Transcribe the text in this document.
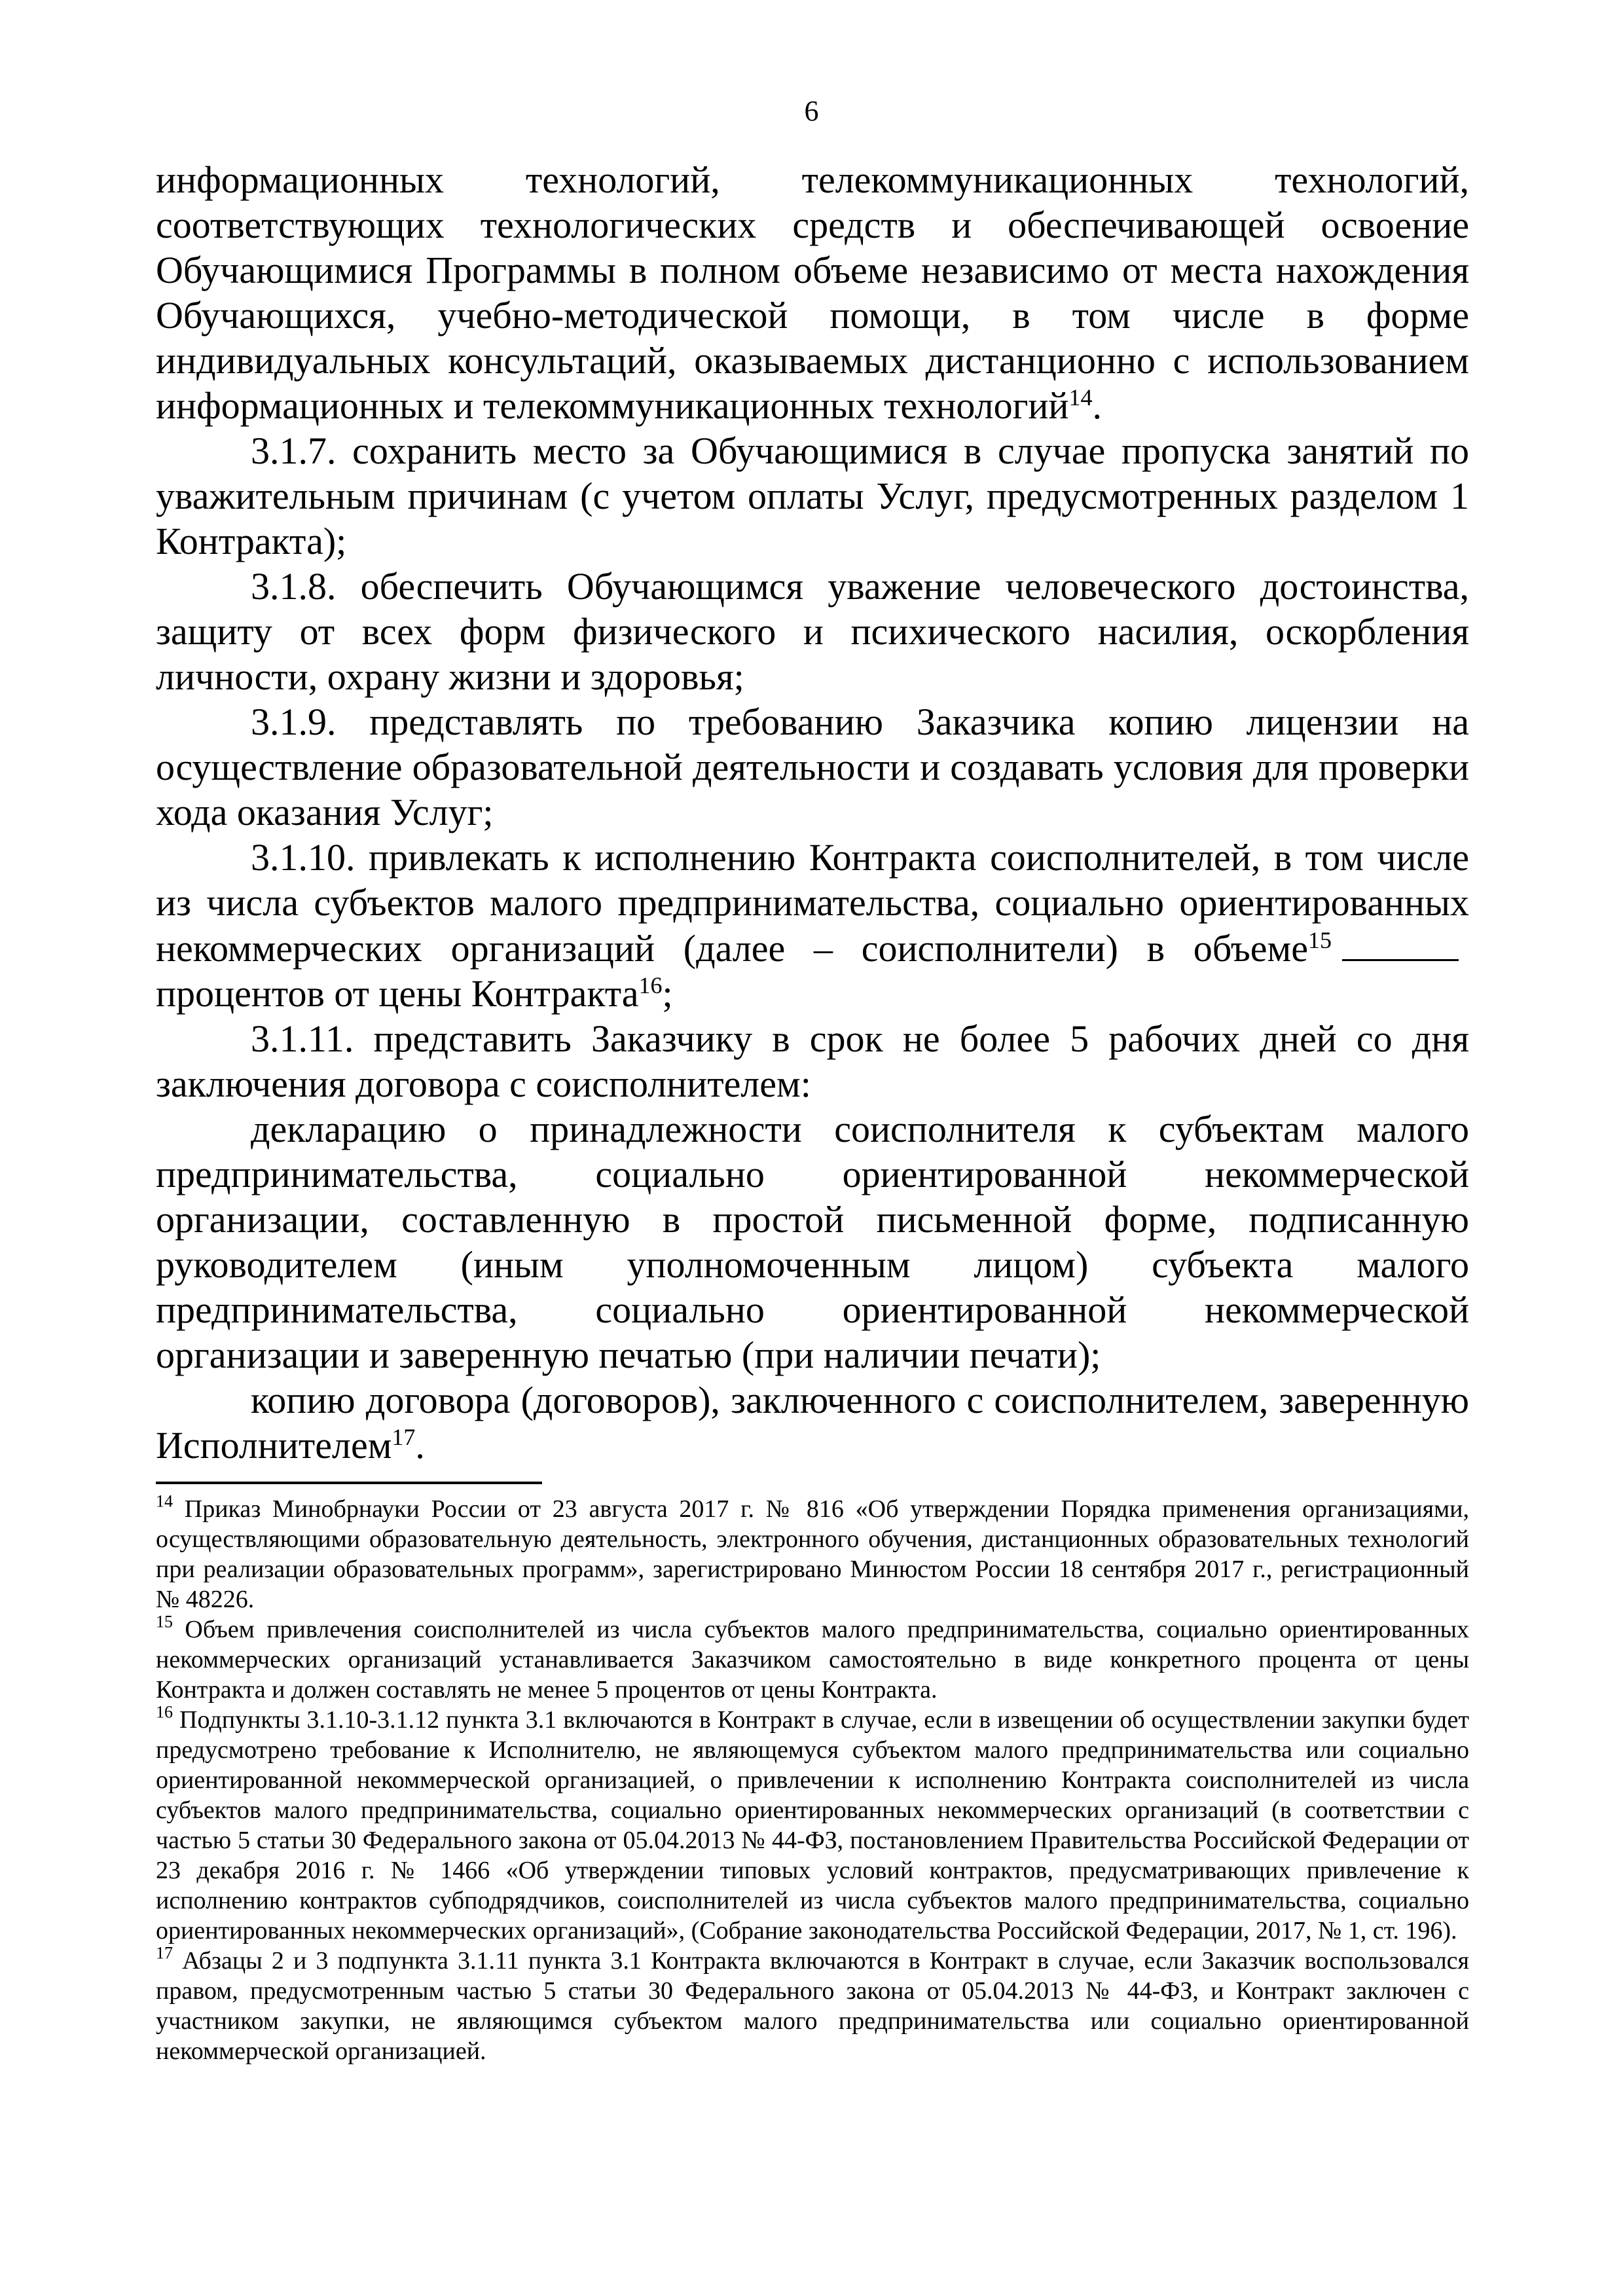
6

информационных технологий, телекоммуникационных технологий, соответствующих технологических средств и обеспечивающей освоение Обучающимися Программы в полном объеме независимо от места нахождения Обучающихся, учебно-методической помощи, в том числе в форме индивидуальных консультаций, оказываемых дистанционно с использованием информационных и телекоммуникационных технологий$^{14}$.

3.1.7. сохранить место за Обучающимися в случае пропуска занятий по уважительным причинам (с учетом оплаты Услуг, предусмотренных разделом 1 Контракта);

3.1.8. обеспечить Обучающимся уважение человеческого достоинства, защиту от всех форм физического и психического насилия, оскорбления личности, охрану жизни и здоровья;

3.1.9. представлять по требованию Заказчика копию лицензии на осуществление образовательной деятельности и создавать условия для проверки хода оказания Услуг;

3.1.10. привлекать к исполнению Контракта соисполнителей, в том числе из числа субъектов малого предпринимательства, социально ориентированных некоммерческих организаций (далее – соисполнители) в объеме$^{15}$процентов от цены Контракта$^{16}$;

3.1.11. представить Заказчику в срок не более 5 рабочих дней со дня заключения договора с соисполнителем:

декларацию о принадлежности соисполнителя к субъектам малого предпринимательства, социально ориентированной некоммерческой организации, составленную в простой письменной форме, подписанную руководителем (иным уполномоченным лицом) субъекта малого предпринимательства, социально ориентированной некоммерческой организации и заверенную печатью (при наличии печати);

копию договора (договоров), заключенного с соисполнителем, заверенную Исполнителем$^{17}$.

$^{14}$ Приказ Минобрнауки России от 23 августа 2017 г. № 816 «Об утверждении Порядка применения организациями, осуществляющими образовательную деятельность, электронного обучения, дистанционных образовательных технологий при реализации образовательных программ», зарегистрировано Минюстом России 18 сентября 2017 г., регистрационный № 48226.

$^{15}$ Объем привлечения соисполнителей из числа субъектов малого предпринимательства, социально ориентированных некоммерческих организаций устанавливается Заказчиком самостоятельно в виде конкретного процента от цены Контракта и должен составлять не менее 5 процентов от цены Контракта.

$^{16}$ Подпункты 3.1.10-3.1.12 пункта 3.1 включаются в Контракт в случае, если в извещении об осуществлении закупки будет предусмотрено требование к Исполнителю, не являющемуся субъектом малого предпринимательства или социально ориентированной некоммерческой организацией, о привлечении к исполнению Контракта соисполнителей из числа субъектов малого предпринимательства, социально ориентированных некоммерческих организаций (в соответствии с частью 5 статьи 30 Федерального закона от 05.04.2013 № 44-ФЗ, постановлением Правительства Российской Федерации от 23 декабря 2016 г. № 1466 «Об утверждении типовых условий контрактов, предусматривающих привлечение к исполнению контрактов субподрядчиков, соисполнителей из числа субъектов малого предпринимательства, социально ориентированных некоммерческих организаций», (Собрание законодательства Российской Федерации, 2017, № 1, ст. 196).

$^{17}$ Абзацы 2 и 3 подпункта 3.1.11 пункта 3.1 Контракта включаются в Контракт в случае, если Заказчик воспользовался правом, предусмотренным частью 5 статьи 30 Федерального закона от 05.04.2013 № 44-ФЗ, и Контракт заключен с участником закупки, не являющимся субъектом малого предпринимательства или социально ориентированной некоммерческой организацией.
